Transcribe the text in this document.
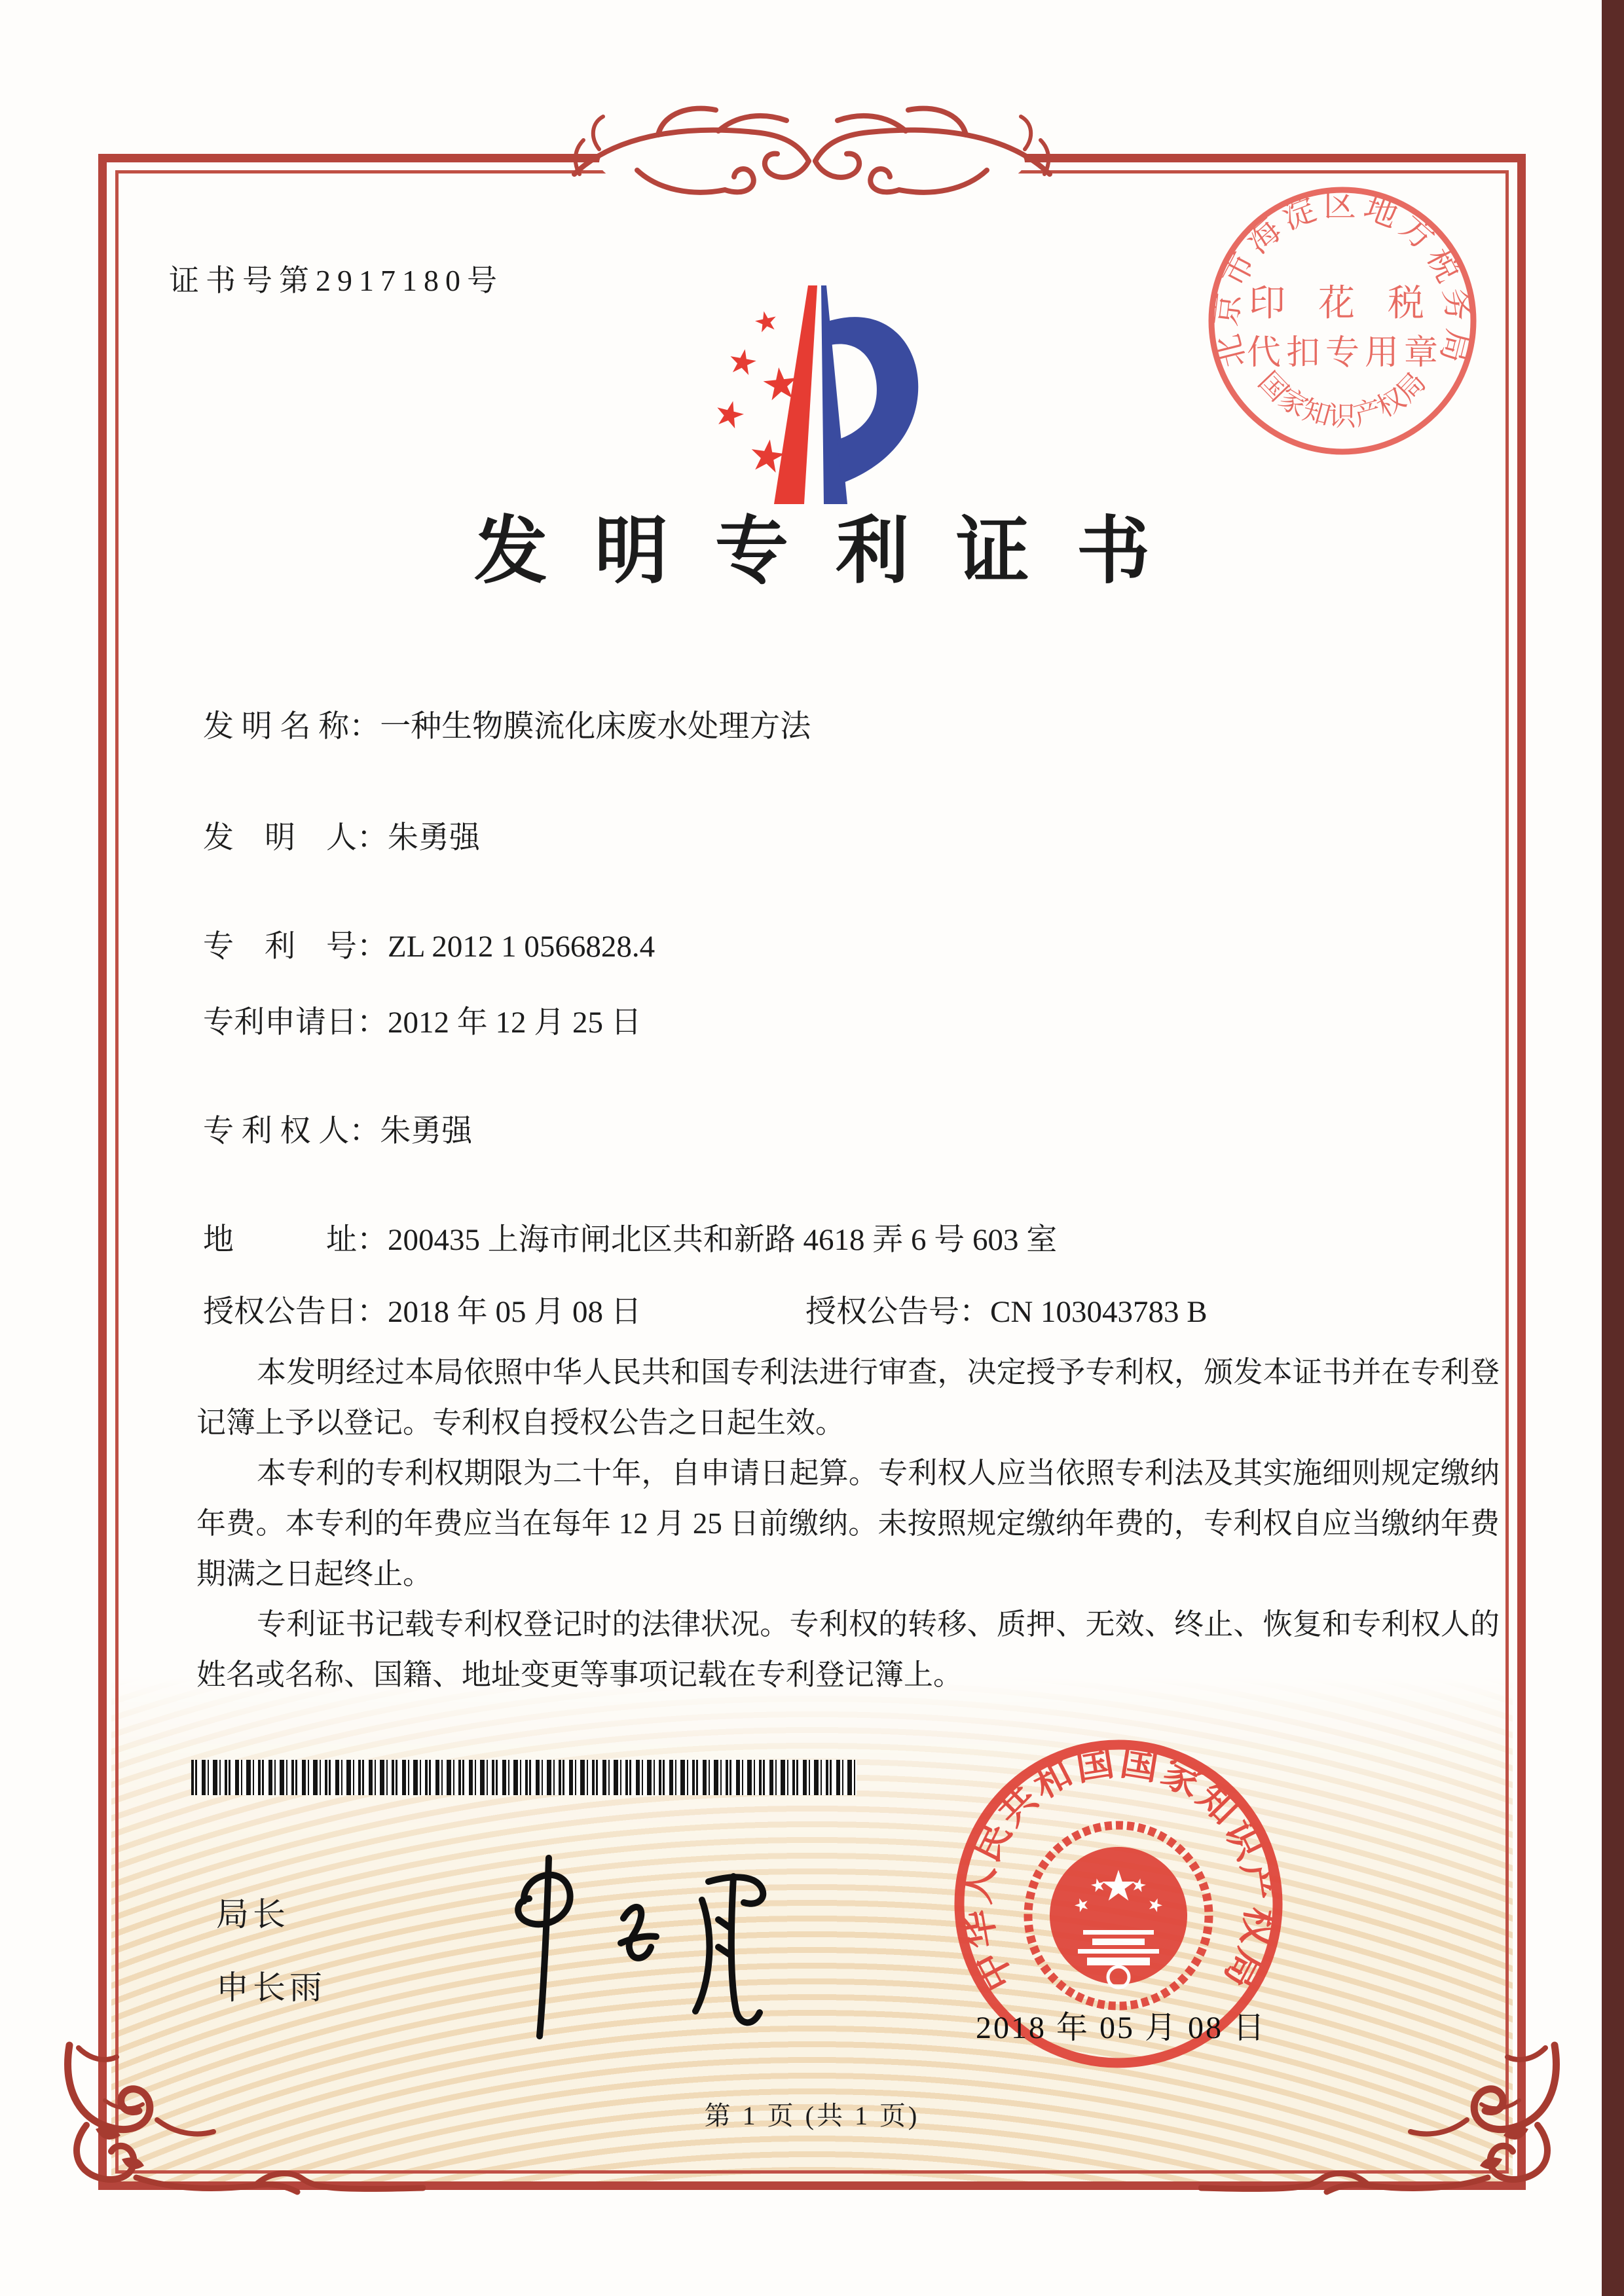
证书号第2917180号
北京市海淀区地方税务局
国家知识产权局
印 花 税
代扣专用章
发明专利证书
发 明 名 称：一种生物膜流化床废水处理方法
发　明　人：朱勇强
专　利　号：ZL 2012 1 0566828.4
专利申请日：2012 年 12 月 25 日
专 利 权 人：朱勇强
地　　　址：200435 上海市闸北区共和新路 4618 弄 6 号 603 室
授权公告日：2018 年 05 月 08 日	授权公告号：CN 103043783 B

本发明经过本局依照中华人民共和国专利法进行审查，决定授予专利权，颁发本证书并在专利登记簿上予以登记。专利权自授权公告之日起生效。

本专利的专利权期限为二十年，自申请日起算。专利权人应当依照专利法及其实施细则规定缴纳年费。本专利的年费应当在每年 12 月 25 日前缴纳。未按照规定缴纳年费的，专利权自应当缴纳年费期满之日起终止。

专利证书记载专利权登记时的法律状况。专利权的转移、质押、无效、终止、恢复和专利权人的姓名或名称、国籍、地址变更等事项记载在专利登记簿上。

局长
申长雨	中华人民共和国国家知识产权局
2018 年 05 月 08 日
第 1 页 (共 1 页)
